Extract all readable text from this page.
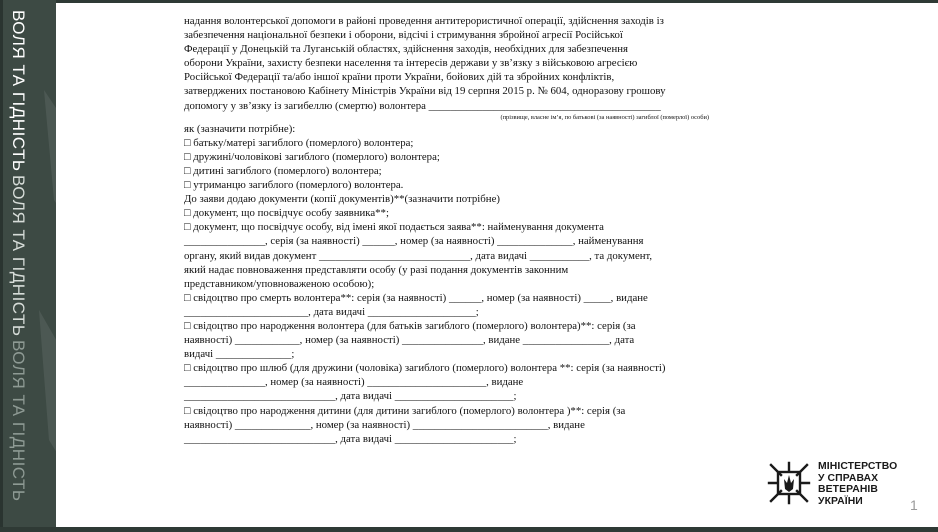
ВОЛЯ ТА ГІДНІСТЬ
ВОЛЯ ТА ГІДНІСТЬ
ВОЛЯ ТА ГІДНІСТЬ

надання волонтерської допомоги в районі проведення антитерористичної операції, здійснення заходів із

забезпечення національної безпеки і оборони, відсічі і стримування збройної агресії Російської

Федерації у Донецькій та Луганській областях, здійснення заходів, необхідних для забезпечення

оборони України, захисту безпеки населення та інтересів держави у зв’язку з військовою агресією

Російської Федерації та/або іншої країни проти України, бойових дій та збройних конфліктів,

затверджених постановою Кабінету Міністрів України від 19 серпня 2015 р. № 604, одноразову грошову

допомогу у зв’язку із загибеллю (смертю) волонтера ___________________________________________

(прізвище, власне ім’я, по батькові (за наявності) загиблої (померлої) особи)

як (зазначити потрібне):

□ батьку/матері загиблого (померлого) волонтера;

□ дружині/чоловікові загиблого (померлого) волонтера;

□ дитині загиблого (померлого) волонтера;

□ утриманцю загиблого (померлого) волонтера.

До заяви додаю документи (копії документів)**(зазначити потрібне)

□ документ, що посвідчує особу заявника**;

□ документ, що посвідчує особу, від імені якої подається заява**: найменування документа

_______________, серія (за наявності) ______, номер (за наявності) ______________, найменування

органу, який видав документ ____________________________, дата видачі ___________, та документ,

який надає повноваження представляти особу (у разі подання документів законним

представником/уповноваженою особою);

□ свідоцтво про смерть волонтера**: серія (за наявності) ______, номер (за наявності) _____, видане

_______________________, дата видачі ____________________;

□ свідоцтво про народження волонтера (для батьків загиблого (померлого) волонтера)**: серія (за

наявності) ____________, номер (за наявності) _______________, видане ________________, дата

видачі ______________;

□ свідоцтво про шлюб (для дружини (чоловіка) загиблого (померлого) волонтера **: серія (за наявності)

_______________, номер (за наявності) ______________________, видане

____________________________, дата видачі ______________________;

□ свідоцтво про народження дитини (для дитини загиблого (померлого) волонтера )**: серія (за

наявності) ______________, номер (за наявності) _________________________, видане

____________________________, дата видачі ______________________;

МІНІСТЕРСТВО
У СПРАВАХ
ВЕТЕРАНІВ
УКРАЇНИ	1
